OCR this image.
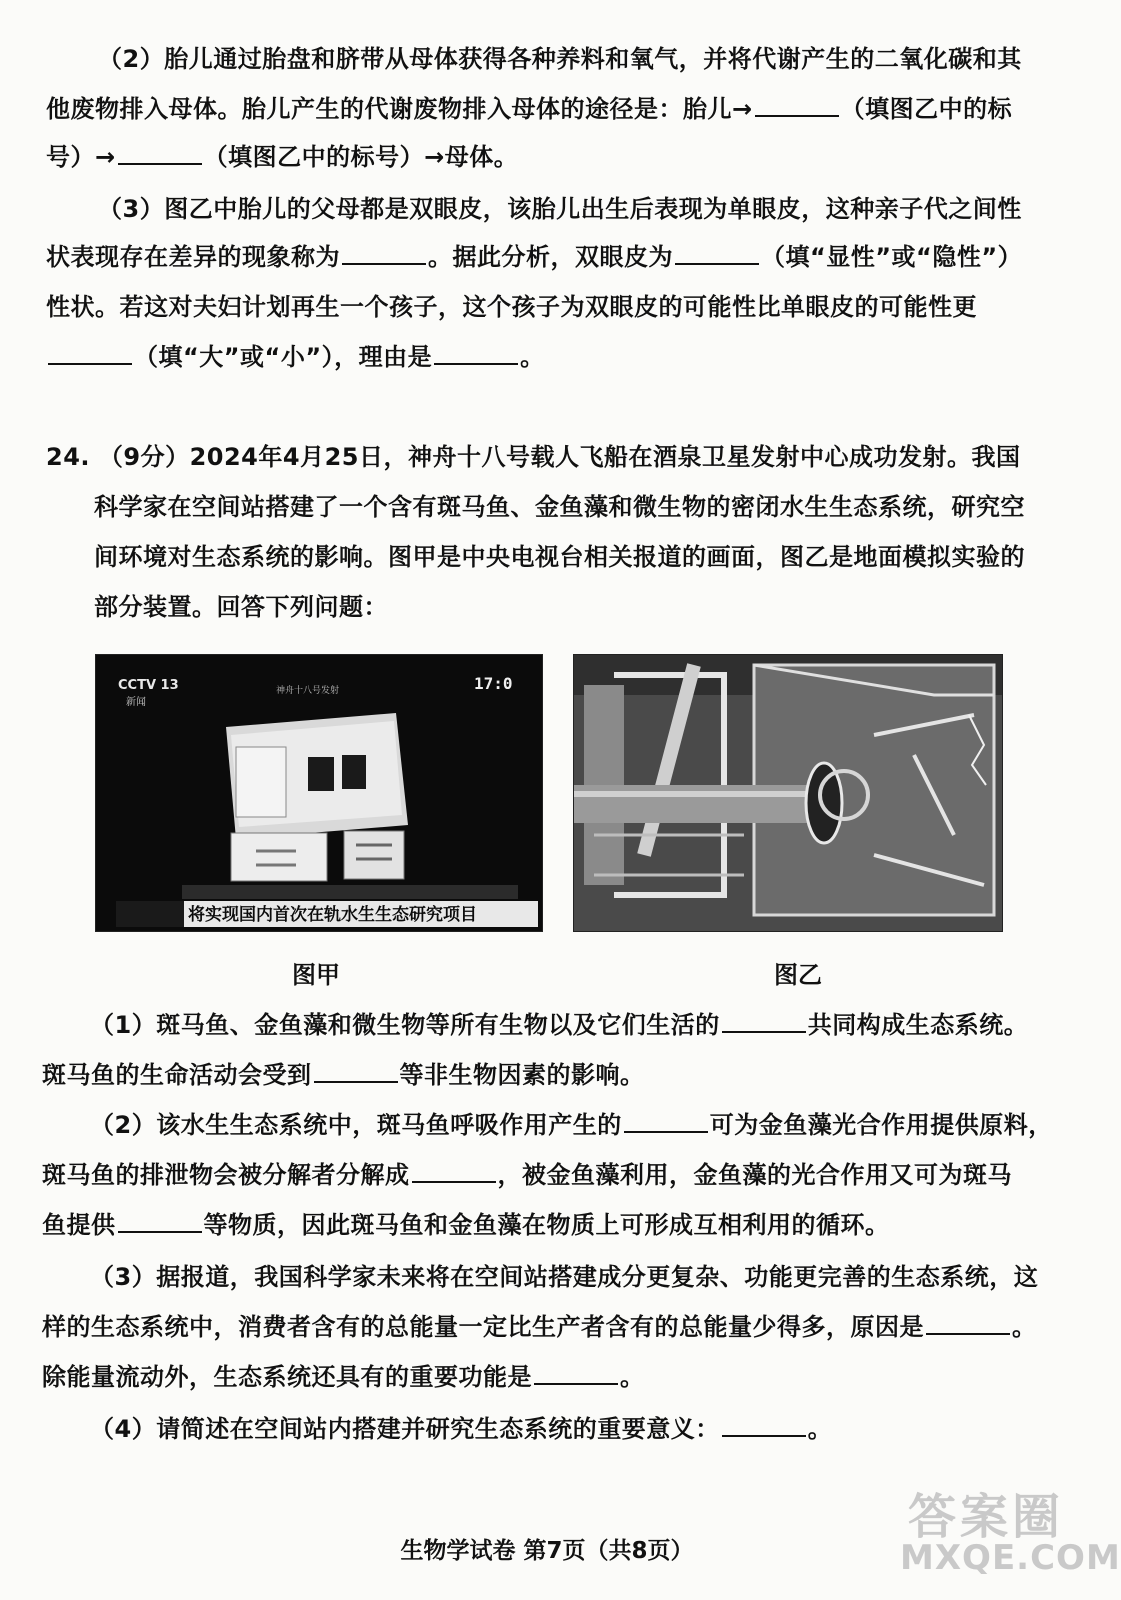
（2）胎儿通过胎盘和脐带从母体获得各种养料和氧气，并将代谢产生的二氧化碳和其
他废物排入母体。胎儿产生的代谢废物排入母体的途径是：胎儿→	（填图乙中的标
号）→	（填图乙中的标号）→母体。
（3）图乙中胎儿的父母都是双眼皮，该胎儿出生后表现为单眼皮，这种亲子代之间性
状表现存在差异的现象称为	。据此分析，双眼皮为	（填“显性”或“隐性”）
性状。若这对夫妇计划再生一个孩子，这个孩子为双眼皮的可能性比单眼皮的可能性更
（填“大”或“小”），理由是	。
24. （9分）2024年4月25日，神舟十八号载人飞船在酒泉卫星发射中心成功发射。我国
科学家在空间站搭建了一个含有斑马鱼、金鱼藻和微生物的密闭水生生态系统，研究空
间环境对生态系统的影响。图甲是中央电视台相关报道的画面，图乙是地面模拟实验的
部分装置。回答下列问题：
CCTV 13
新闻
神舟十八号发射	17:0
将实现国内首次在轨水生生态研究项目
图甲	图乙
（1）斑马鱼、金鱼藻和微生物等所有生物以及它们生活的	共同构成生态系统。
斑马鱼的生命活动会受到	等非生物因素的影响。
（2）该水生生态系统中，斑马鱼呼吸作用产生的	可为金鱼藻光合作用提供原料，
斑马鱼的排泄物会被分解者分解成	，被金鱼藻利用，金鱼藻的光合作用又可为斑马
鱼提供	等物质，因此斑马鱼和金鱼藻在物质上可形成互相利用的循环。
（3）据报道，我国科学家未来将在空间站搭建成分更复杂、功能更完善的生态系统，这
样的生态系统中，消费者含有的总能量一定比生产者含有的总能量少得多，原因是	。
除能量流动外，生态系统还具有的重要功能是	。
（4）请简述在空间站内搭建并研究生态系统的重要意义：	。
生物学试卷 第7页（共8页）
答案圈
MXQE.COM
